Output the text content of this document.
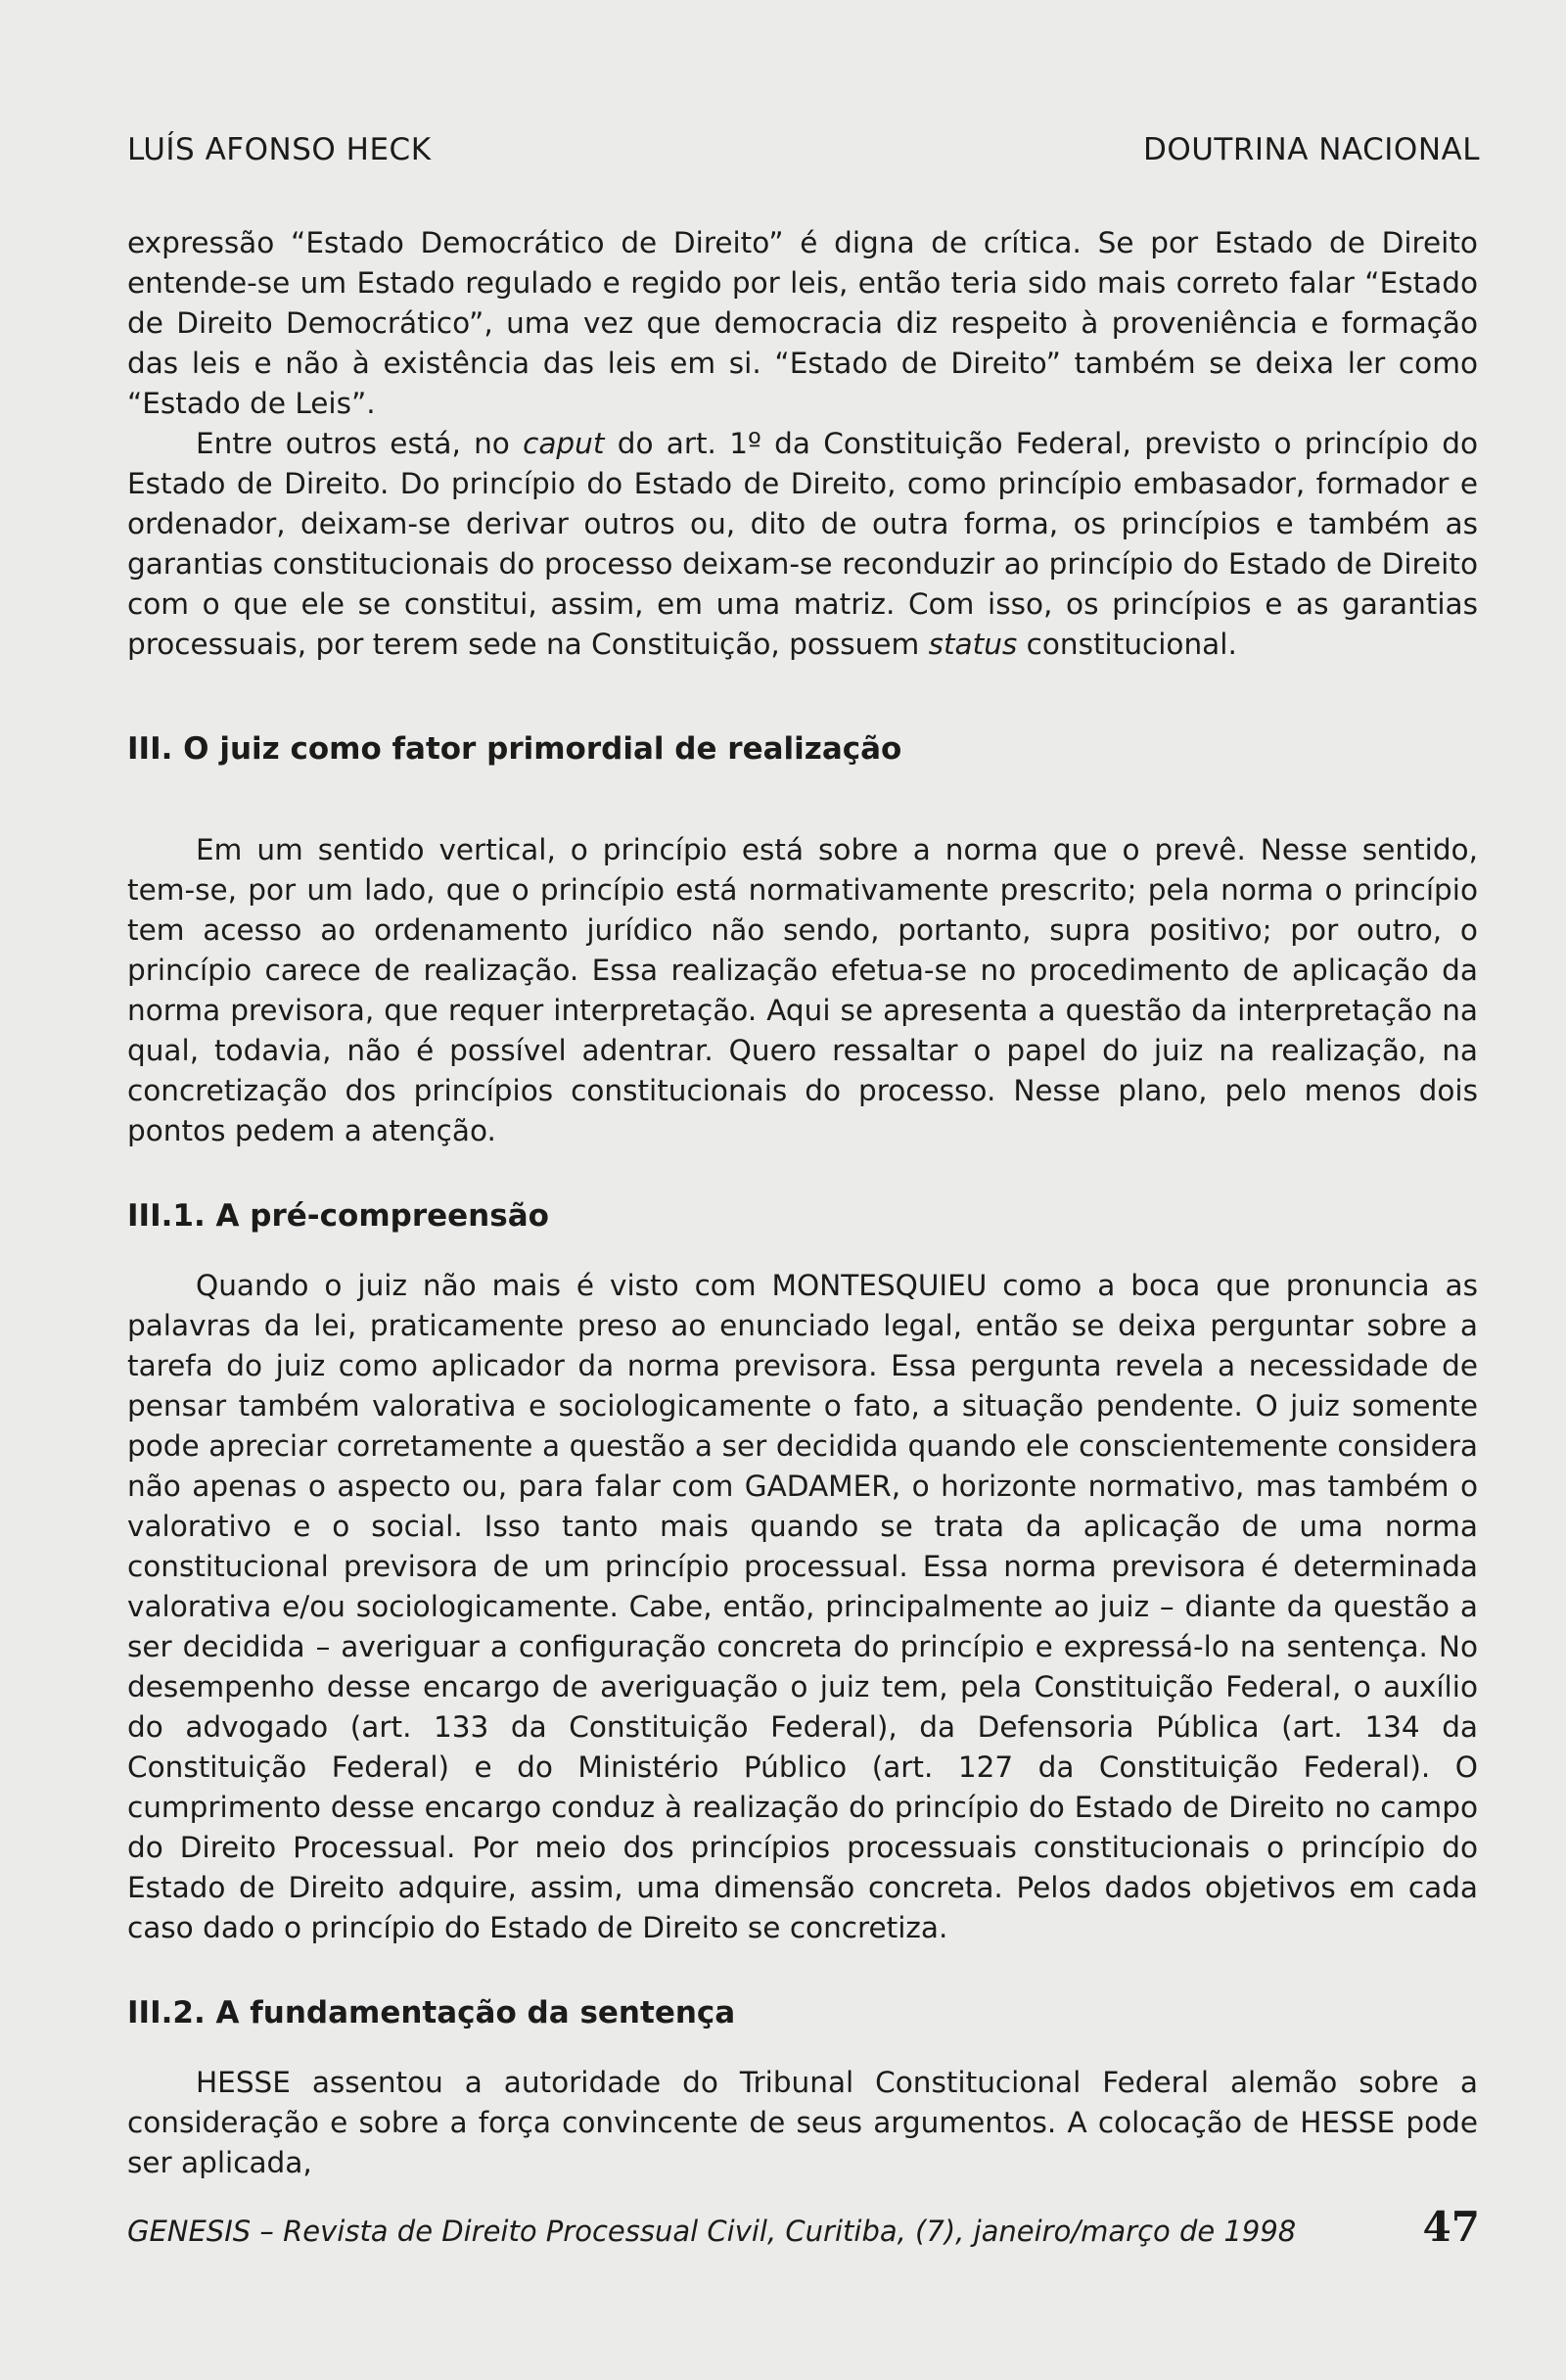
LUÍS AFONSO HECK	DOUTRINA NACIONAL

expressão “Estado Democrático de Direito” é digna de crítica. Se por Estado de Direito entende-se um Estado regulado e regido por leis, então teria sido mais correto falar “Estado de Direito Democrático”, uma vez que democracia diz respeito à proveniência e formação das leis e não à existência das leis em si. “Estado de Direito” também se deixa ler como “Estado de Leis”.

Entre outros está, no caput do art. 1º da Constituição Federal, previsto o princípio do Estado de Direito. Do princípio do Estado de Direito, como princípio embasador, formador e ordenador, deixam-se derivar outros ou, dito de outra forma, os princípios e também as garantias constitucionais do processo deixam-se reconduzir ao princípio do Estado de Direito com o que ele se constitui, assim, em uma matriz. Com isso, os princípios e as garantias processuais, por terem sede na Constituição, possuem status constitucional.

III. O juiz como fator primordial de realização

Em um sentido vertical, o princípio está sobre a norma que o prevê. Nesse sentido, tem-se, por um lado, que o princípio está normativamente prescrito; pela norma o princípio tem acesso ao ordenamento jurídico não sendo, portanto, supra positivo; por outro, o princípio carece de realização. Essa realização efetua-se no procedimento de aplicação da norma previsora, que requer interpretação. Aqui se apresenta a questão da interpretação na qual, todavia, não é possível adentrar. Quero ressaltar o papel do juiz na realização, na concretização dos princípios constitucionais do processo. Nesse plano, pelo menos dois pontos pedem a atenção.

III.1. A pré-compreensão

Quando o juiz não mais é visto com MONTESQUIEU como a boca que pronuncia as palavras da lei, praticamente preso ao enunciado legal, então se deixa perguntar sobre a tarefa do juiz como aplicador da norma previsora. Essa pergunta revela a necessidade de pensar também valorativa e sociologicamente o fato, a situação pendente. O juiz somente pode apreciar corretamente a questão a ser decidida quando ele conscientemente considera não apenas o aspecto ou, para falar com GADAMER, o horizonte normativo, mas também o valorativo e o social. Isso tanto mais quando se trata da aplicação de uma norma constitucional previsora de um princípio processual. Essa norma previsora é determinada valorativa e/ou sociologicamente. Cabe, então, principalmente ao juiz – diante da questão a ser decidida – averiguar a configuração concreta do princípio e expressá-lo na sentença. No desempenho desse encargo de averiguação o juiz tem, pela Constituição Federal, o auxílio do advogado (art. 133 da Constituição Federal), da Defensoria Pública (art. 134 da Constituição Federal) e do Ministério Público (art. 127 da Constituição Federal). O cumprimento desse encargo conduz à realização do princípio do Estado de Direito no campo do Direito Processual. Por meio dos princípios processuais constitucionais o princípio do Estado de Direito adquire, assim, uma dimensão concreta. Pelos dados objetivos em cada caso dado o princípio do Estado de Direito se concretiza.

III.2. A fundamentação da sentença

HESSE assentou a autoridade do Tribunal Constitucional Federal alemão sobre a consideração e sobre a força convincente de seus argumentos. A colocação de HESSE pode ser aplicada,

GENESIS – Revista de Direito Processual Civil, Curitiba, (7), janeiro/março de 1998	47
